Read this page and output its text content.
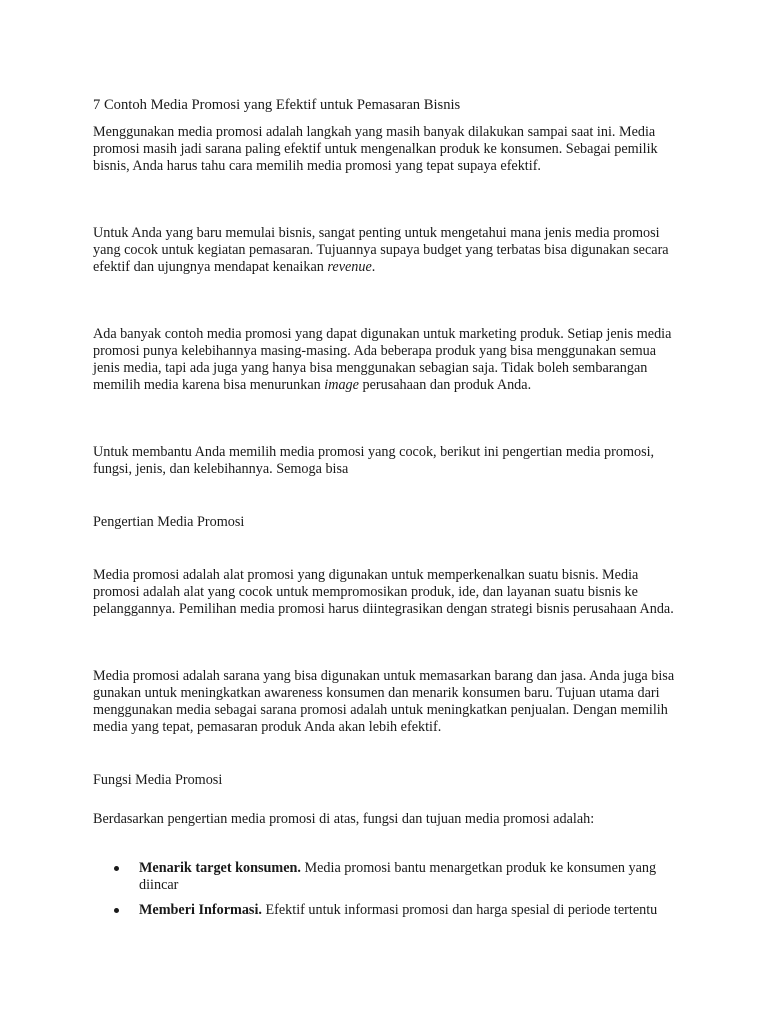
7 Contoh Media Promosi yang Efektif untuk Pemasaran Bisnis

Menggunakan media promosi adalah langkah yang masih banyak dilakukan sampai saat ini. Media promosi masih jadi sarana paling efektif untuk mengenalkan produk ke konsumen. Sebagai pemilik bisnis, Anda harus tahu cara memilih media promosi yang tepat supaya efektif.

Untuk Anda yang baru memulai bisnis, sangat penting untuk mengetahui mana jenis media promosi yang cocok untuk kegiatan pemasaran. Tujuannya supaya budget yang terbatas bisa digunakan secara efektif dan ujungnya mendapat kenaikan revenue.

Ada banyak contoh media promosi yang dapat digunakan untuk marketing produk. Setiap jenis media promosi punya kelebihannya masing-masing. Ada beberapa produk yang bisa menggunakan semua jenis media, tapi ada juga yang hanya bisa menggunakan sebagian saja. Tidak boleh sembarangan memilih media karena bisa menurunkan image perusahaan dan produk Anda.

Untuk membantu Anda memilih media promosi yang cocok, berikut ini pengertian media promosi, fungsi, jenis, dan kelebihannya. Semoga bisa

Pengertian Media Promosi

Media promosi adalah alat promosi yang digunakan untuk memperkenalkan suatu bisnis. Media promosi adalah alat yang cocok untuk mempromosikan produk, ide, dan layanan suatu bisnis ke pelanggannya. Pemilihan media promosi harus diintegrasikan dengan strategi bisnis perusahaan Anda.

Media promosi adalah sarana yang bisa digunakan untuk memasarkan barang dan jasa. Anda juga bisa gunakan untuk meningkatkan awareness konsumen dan menarik konsumen baru. Tujuan utama dari menggunakan media sebagai sarana promosi adalah untuk meningkatkan penjualan. Dengan memilih media yang tepat, pemasaran produk Anda akan lebih efektif.

Fungsi Media Promosi

Berdasarkan pengertian media promosi di atas, fungsi dan tujuan media promosi adalah:

Menarik target konsumen. Media promosi bantu menargetkan produk ke konsumen yang diincar
Memberi Informasi. Efektif untuk informasi promosi dan harga spesial di periode tertentu
